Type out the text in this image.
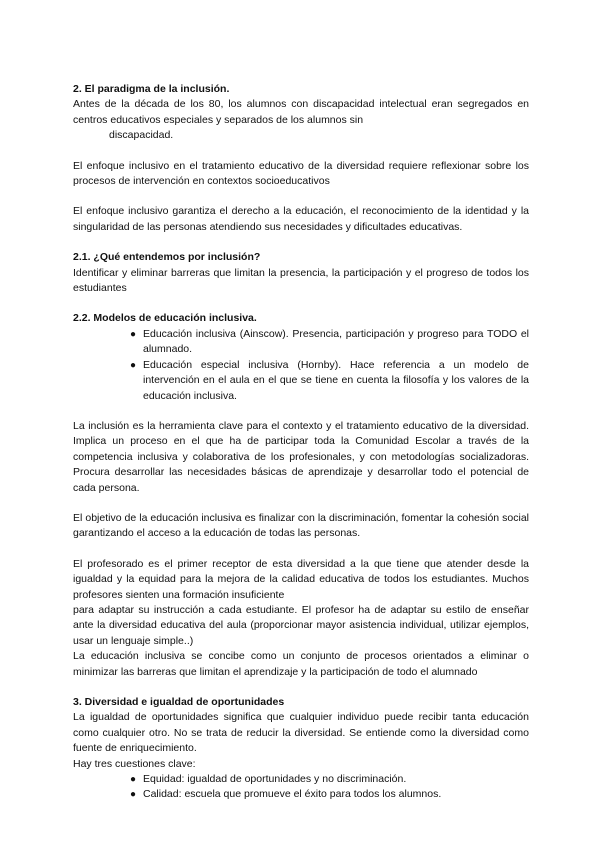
2. El paradigma de la inclusión.

Antes de la década de los 80, los alumnos con discapacidad intelectual eran segregados en centros educativos especiales y separados de los alumnos sin

discapacidad.

El enfoque inclusivo en el tratamiento educativo de la diversidad requiere reflexionar sobre los procesos de intervención en contextos socioeducativos

El enfoque inclusivo garantiza el derecho a la educación, el reconocimiento de la identidad y la singularidad de las personas atendiendo sus necesidades y dificultades educativas.

2.1. ¿Qué entendemos por inclusión?

Identificar y eliminar barreras que limitan la presencia, la participación y el progreso de todos los estudiantes

2.2. Modelos de educación inclusiva.

● Educación inclusiva (Ainscow). Presencia, participación y progreso para TODO el alumnado.
● Educación especial inclusiva (Hornby). Hace referencia a un modelo de intervención en el aula en el que se tiene en cuenta la filosofía y los valores de la educación inclusiva.

La inclusión es la herramienta clave para el contexto y el tratamiento educativo de la diversidad. Implica un proceso en el que ha de participar toda la Comunidad Escolar a través de la competencia inclusiva y colaborativa de los profesionales, y con metodologías socializadoras. Procura desarrollar las necesidades básicas de aprendizaje y desarrollar todo el potencial de cada persona.

El objetivo de la educación inclusiva es finalizar con la discriminación, fomentar la cohesión social garantizando el acceso a la educación de todas las personas.

El profesorado es el primer receptor de esta diversidad a la que tiene que atender desde la igualdad y la equidad para la mejora de la calidad educativa de todos los estudiantes. Muchos profesores sienten una formación insuficiente

para adaptar su instrucción a cada estudiante. El profesor ha de adaptar su estilo de enseñar ante la diversidad educativa del aula (proporcionar mayor asistencia individual, utilizar ejemplos, usar un lenguaje simple..)

La educación inclusiva se concibe como un conjunto de procesos orientados a eliminar o minimizar las barreras que limitan el aprendizaje y la participación de todo el alumnado

3. Diversidad e igualdad de oportunidades

La igualdad de oportunidades significa que cualquier individuo puede recibir tanta educación como cualquier otro. No se trata de reducir la diversidad. Se entiende como la diversidad como fuente de enriquecimiento.

Hay tres cuestiones clave:

● Equidad: igualdad de oportunidades y no discriminación.
● Calidad: escuela que promueve el éxito para todos los alumnos.
